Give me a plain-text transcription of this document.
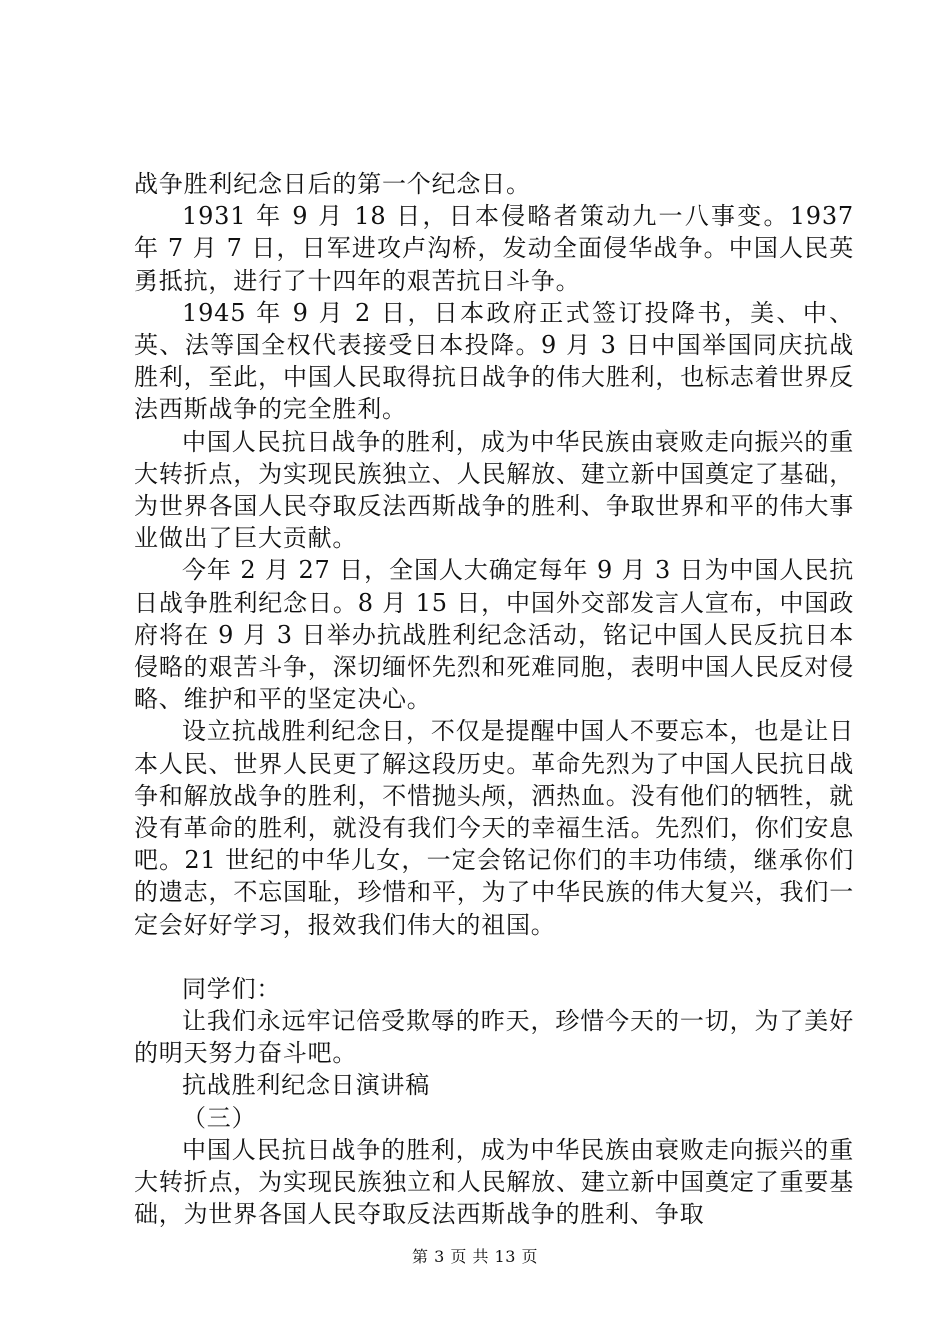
战争胜利纪念日后的第一个纪念日。

1931 年 9 月 18 日，日本侵略者策动九一八事变。1937 年 7 月 7 日，日军进攻卢沟桥，发动全面侵华战争。中国人民英勇抵抗，进行了十四年的艰苦抗日斗争。

1945 年 9 月 2 日，日本政府正式签订投降书，美、中、英、法等国全权代表接受日本投降。9 月 3 日中国举国同庆抗战胜利，至此，中国人民取得抗日战争的伟大胜利，也标志着世界反法西斯战争的完全胜利。

中国人民抗日战争的胜利，成为中华民族由衰败走向振兴的重大转折点，为实现民族独立、人民解放、建立新中国奠定了基础，为世界各国人民夺取反法西斯战争的胜利、争取世界和平的伟大事业做出了巨大贡献。

今年 2 月 27 日，全国人大确定每年 9 月 3 日为中国人民抗日战争胜利纪念日。8 月 15 日，中国外交部发言人宣布，中国政府将在 9 月 3 日举办抗战胜利纪念活动，铭记中国人民反抗日本侵略的艰苦斗争，深切缅怀先烈和死难同胞，表明中国人民反对侵略、维护和平的坚定决心。

设立抗战胜利纪念日，不仅是提醒中国人不要忘本，也是让日本人民、世界人民更了解这段历史。革命先烈为了中国人民抗日战争和解放战争的胜利，不惜抛头颅，洒热血。没有他们的牺牲，就没有革命的胜利，就没有我们今天的幸福生活。先烈们，你们安息吧。21 世纪的中华儿女，一定会铭记你们的丰功伟绩，继承你们的遗志，不忘国耻，珍惜和平，为了中华民族的伟大复兴，我们一定会好好学习，报效我们伟大的祖国。

同学们：

让我们永远牢记倍受欺辱的昨天，珍惜今天的一切，为了美好的明天努力奋斗吧。

抗战胜利纪念日演讲稿

（三）

中国人民抗日战争的胜利，成为中华民族由衰败走向振兴的重大转折点，为实现民族独立和人民解放、建立新中国奠定了重要基础，为世界各国人民夺取反法西斯战争的胜利、争取

第 3 页 共 13 页
